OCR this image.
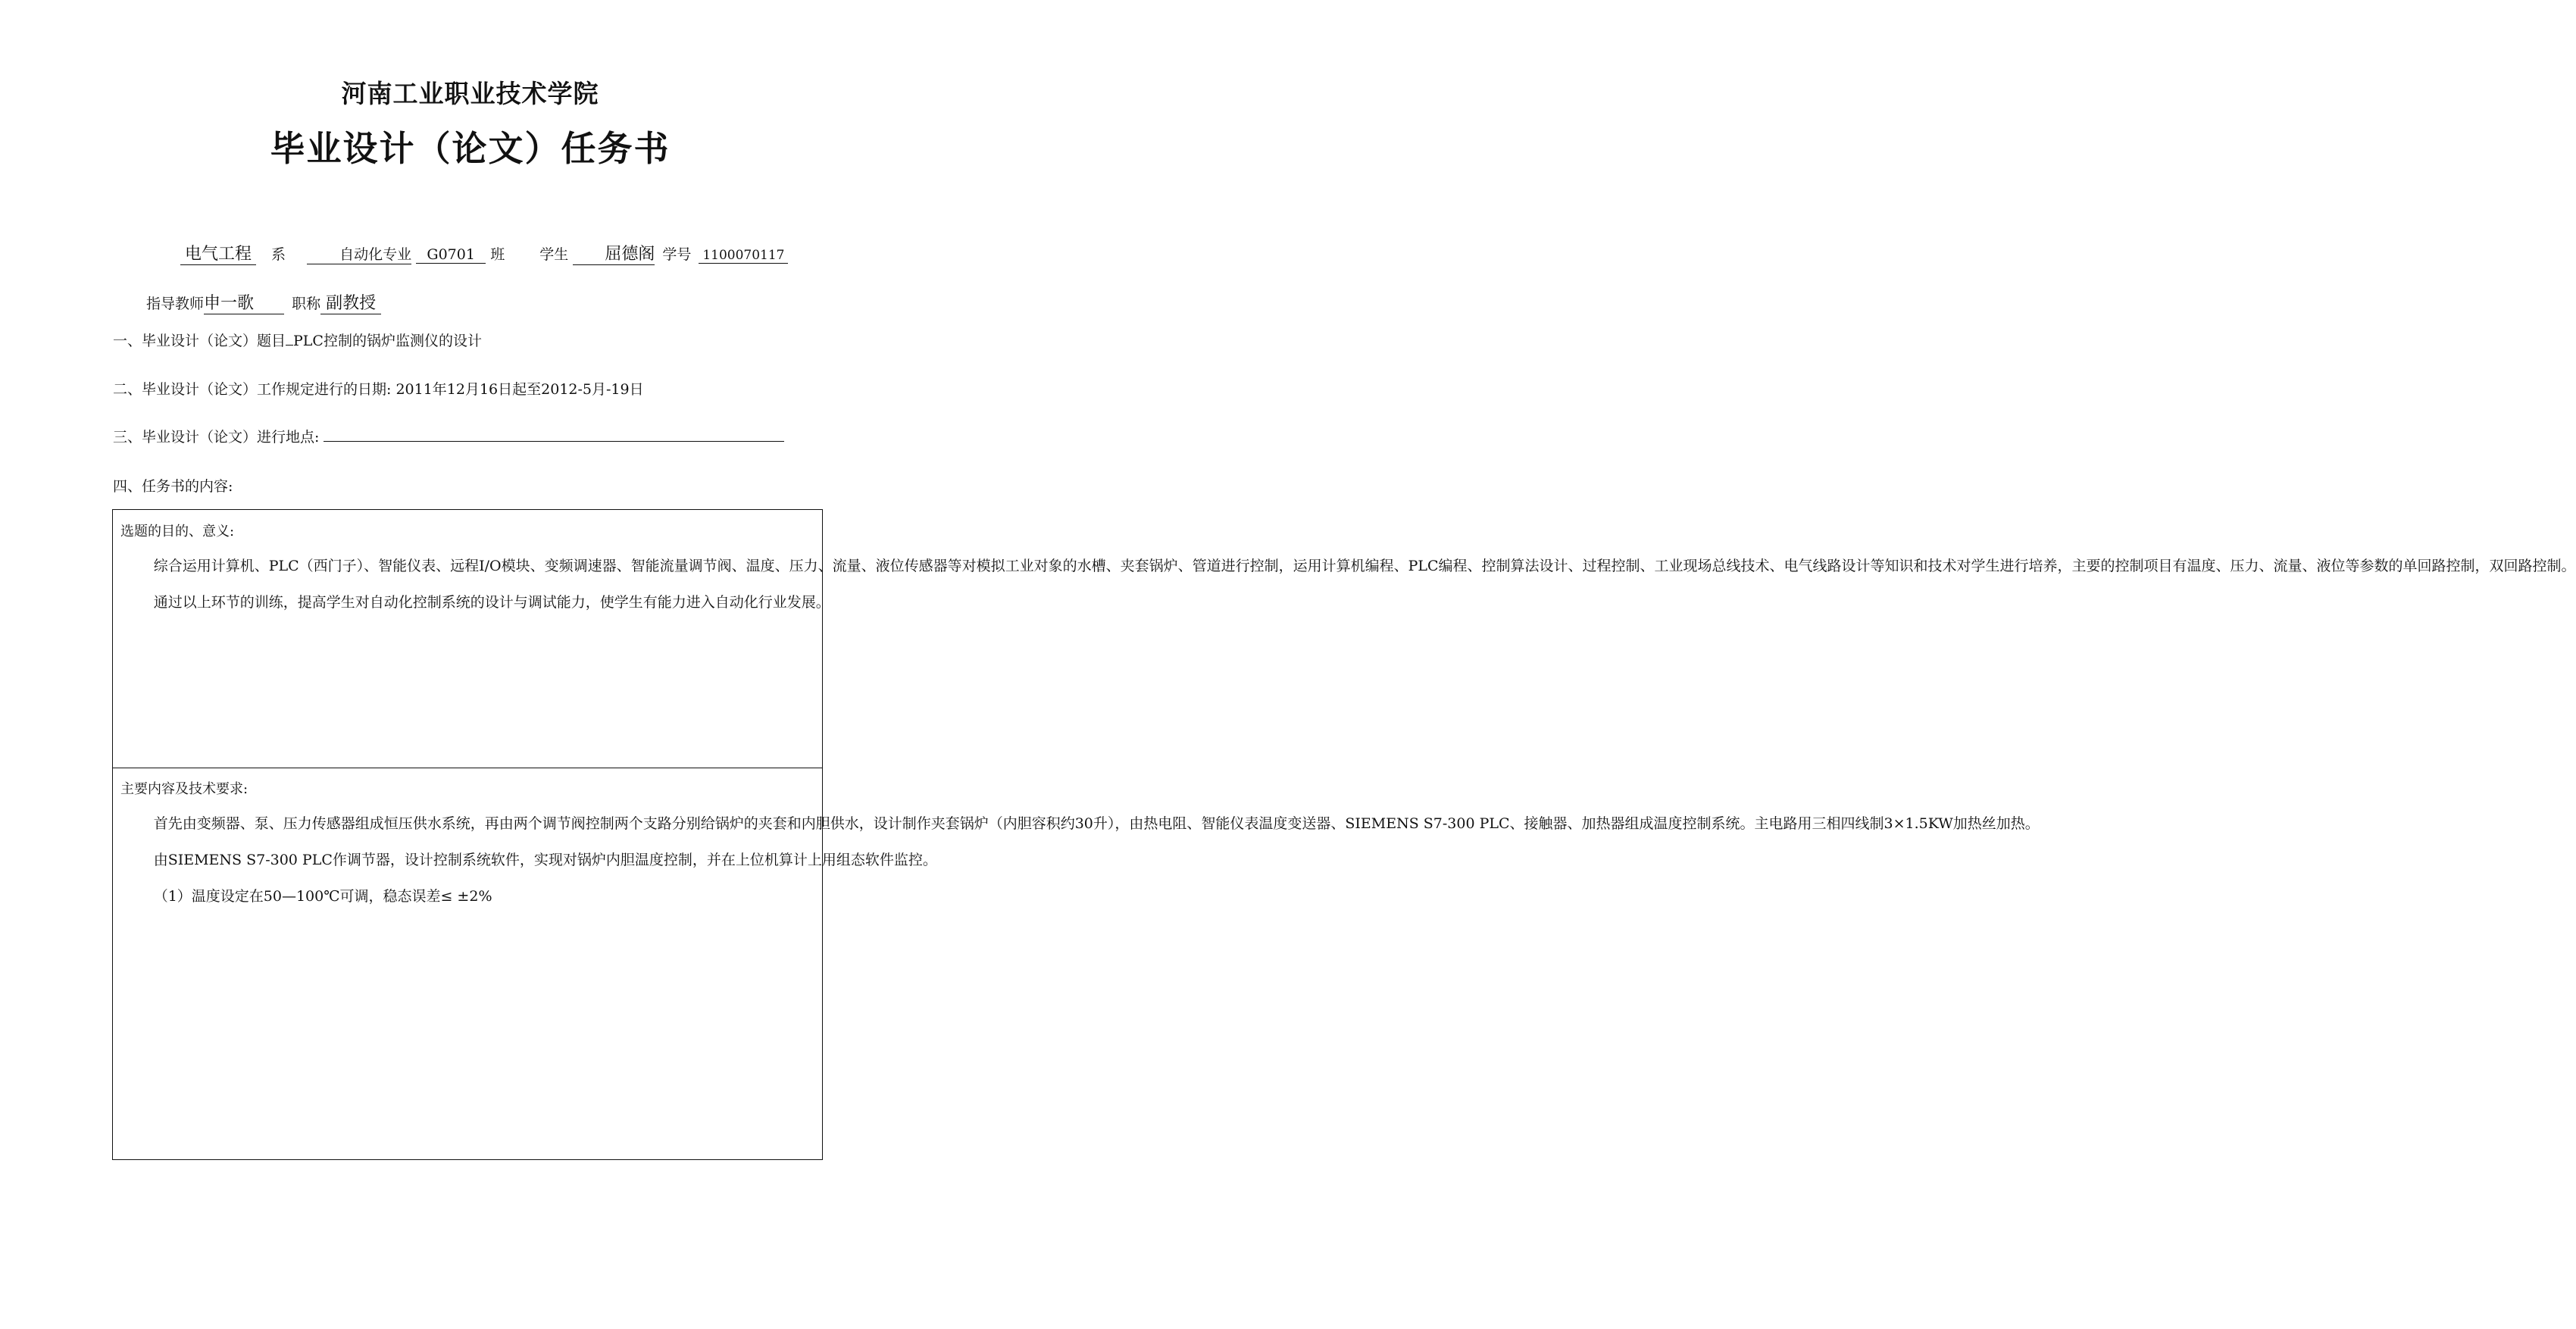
河南工业职业技术学院
毕业设计（论文）任务书
电气工程 系	自动化专业 G0701 班 学生 屈德阁 学号 1100070117
指导教师申一歌	职称 副教授
一、毕业设计（论文）题目 PLC控制的锅炉监测仪的设计
二、毕业设计（论文）工作规定进行的日期: 2011年12月16日起至2012-5月-19日
三、毕业设计（论文）进行地点:
四、任务书的内容:
选题的目的、意义:

综合运用计算机、PLC（西门子）、智能仪表、远程I/O模块、变频调速器、智能流量调节阀、温度、压力、流量、液位传感器等对模拟工业对象的水槽、夹套锅炉、管道进行控制，运用计算机编程、PLC编程、控制算法设计、过程控制、工业现场总线技术、电气线路设计等知识和技术对学生进行培养，主要的控制项目有温度、压力、流量、液位等参数的单回路控制，双回路控制。

通过以上环节的训练，提高学生对自动化控制系统的设计与调试能力，使学生有能力进入自动化行业发展。

主要内容及技术要求:

首先由变频器、泵、压力传感器组成恒压供水系统，再由两个调节阀控制两个支路分别给锅炉的夹套和内胆供水，设计制作夹套锅炉（内胆容积约30升），由热电阻、智能仪表温度变送器、SIEMENS S7-300 PLC、接触器、加热器组成温度控制系统。主电路用三相四线制3×1.5KW加热丝加热。

由SIEMENS S7-300 PLC作调节器，设计控制系统软件，实现对锅炉内胆温度控制，并在上位机算计上用组态软件监控。

（1）温度设定在50—100℃可调，稳态误差≤ ±2%
